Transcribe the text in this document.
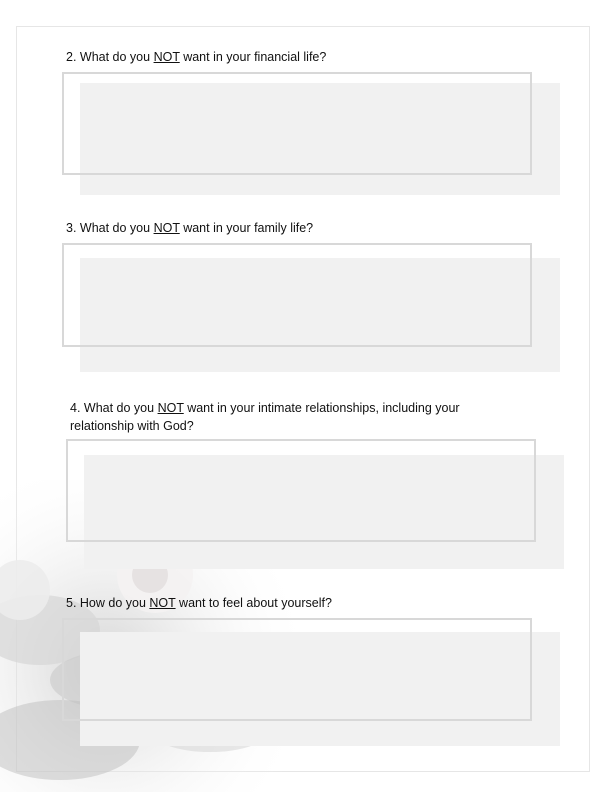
2. What do you NOT want in your financial life?
3. What do you NOT want in your family life?
4. What do you NOT want in your intimate relationships, including your relationship with God?
5. How do you NOT want to feel about yourself?
